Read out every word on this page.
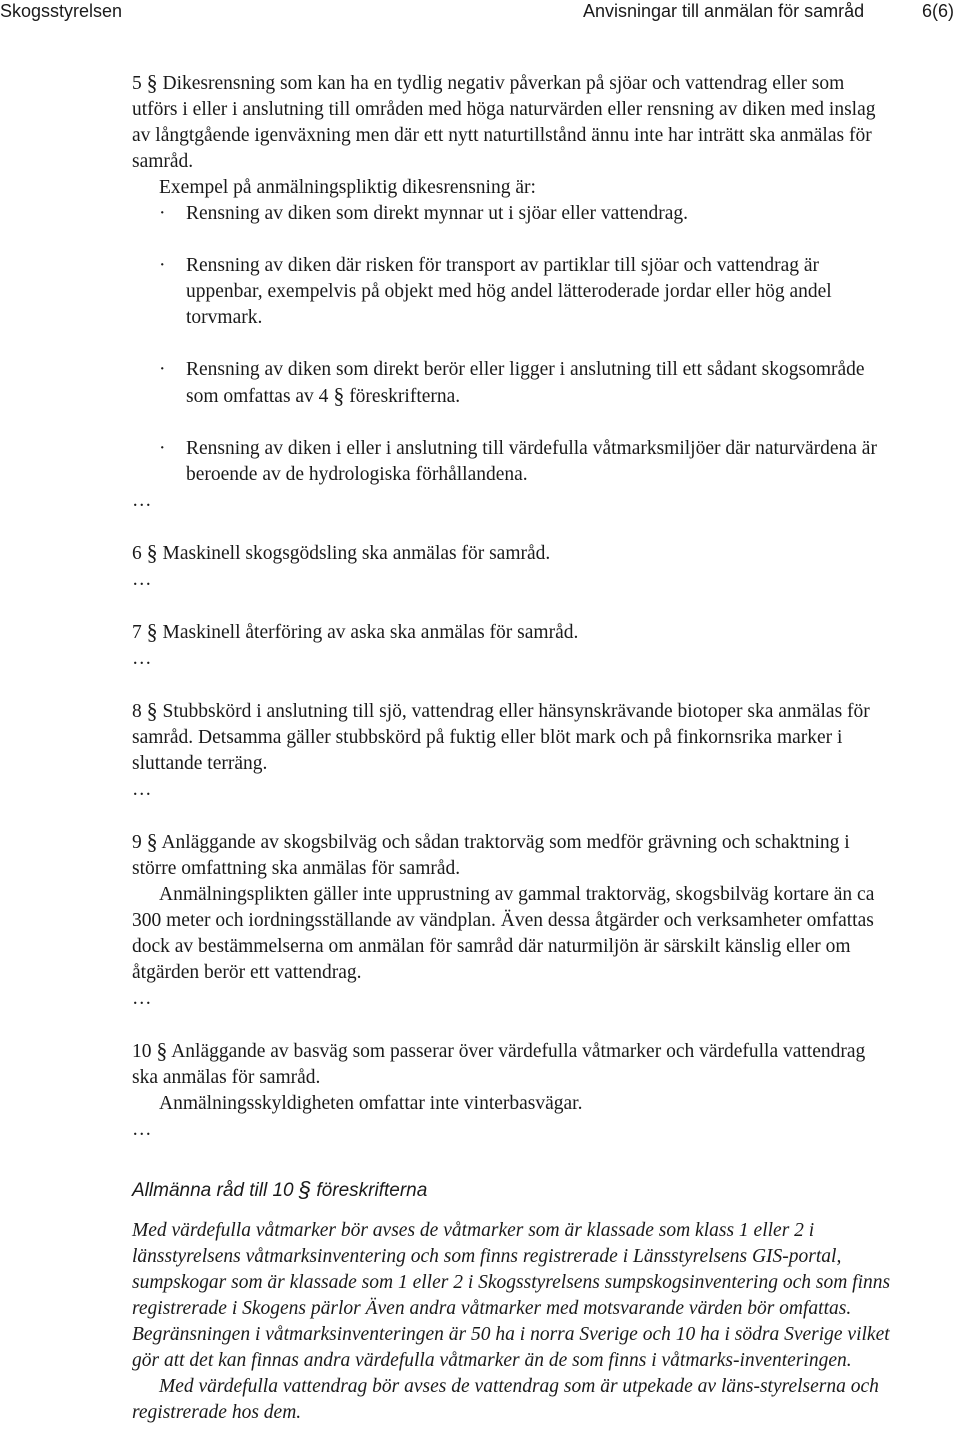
Skogsstyrelsen	Anvisningar till anmälan för samråd	6(6)

5 § Dikesrensning som kan ha en tydlig negativ påverkan på sjöar och vattendrag eller som utförs i eller i anslutning till områden med höga naturvärden eller rensning av diken med inslag av långtgående igenväxning men där ett nytt naturtillstånd ännu inte har inträtt ska anmälas för samråd.

Exempel på anmälningspliktig dikesrensning är:

· Rensning av diken som direkt mynnar ut i sjöar eller vattendrag.
· Rensning av diken där risken för transport av partiklar till sjöar och vattendrag är uppenbar, exempelvis på objekt med hög andel lätteroderade jordar eller hög andel torvmark.
· Rensning av diken som direkt berör eller ligger i anslutning till ett sådant skogsområde som omfattas av 4 § föreskrifterna.
· Rensning av diken i eller i anslutning till värdefulla våtmarksmiljöer där naturvärdena är beroende av de hydrologiska förhållandena.

…

6 § Maskinell skogsgödsling ska anmälas för samråd.

…

7 § Maskinell återföring av aska ska anmälas för samråd.

…

8 § Stubbskörd i anslutning till sjö, vattendrag eller hänsynskrävande biotoper ska anmälas för samråd. Detsamma gäller stubbskörd på fuktig eller blöt mark och på finkornsrika marker i sluttande terräng.

…

9 § Anläggande av skogsbilväg och sådan traktorväg som medför grävning och schaktning i större omfattning ska anmälas för samråd.

Anmälningsplikten gäller inte upprustning av gammal traktorväg, skogsbilväg kortare än ca 300 meter och iordningsställande av vändplan. Även dessa åtgärder och verksamheter omfattas dock av bestämmelserna om anmälan för samråd där naturmiljön är särskilt känslig eller om åtgärden berör ett vattendrag.

…

10 § Anläggande av basväg som passerar över värdefulla våtmarker och värdefulla vattendrag ska anmälas för samråd.

Anmälningsskyldigheten omfattar inte vinterbasvägar.

…

Allmänna råd till 10 § föreskrifterna

Med värdefulla våtmarker bör avses de våtmarker som är klassade som klass 1 eller 2 i länsstyrelsens våtmarksinventering och som finns registrerade i Länsstyrelsens GIS-portal, sumpskogar som är klassade som 1 eller 2 i Skogsstyrelsens sumpskogsinventering och som finns registrerade i Skogens pärlor Även andra våtmarker med motsvarande värden bör omfattas. Begränsningen i våtmarksinventeringen är 50 ha i norra Sverige och 10 ha i södra Sverige vilket gör att det kan finnas andra värdefulla våtmarker än de som finns i våtmarks-inventeringen.

Med värdefulla vattendrag bör avses de vattendrag som är utpekade av läns-styrelserna och registrerade hos dem.
